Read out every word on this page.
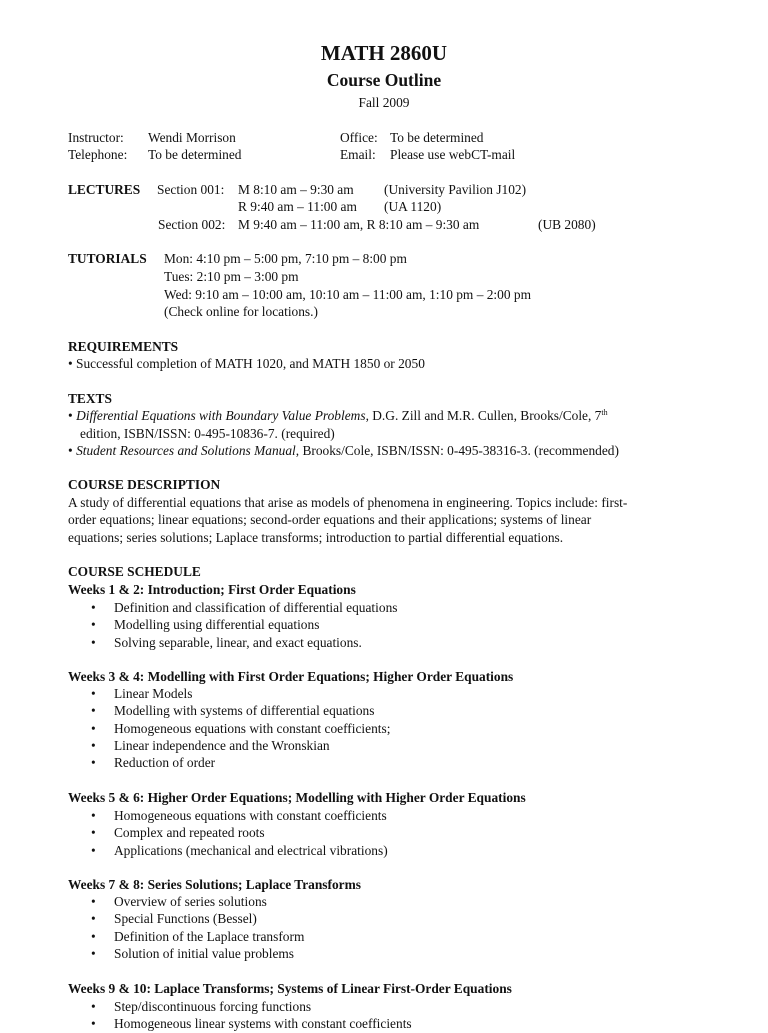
MATH 2860U
Course Outline
Fall 2009
Instructor: Wendi Morrison	Office: To be determined
Telephone: To be determined	Email: Please use webCT-mail
LECTURES Section 001: M 8:10 am – 9:30 am (University Pavilion J102)
R 9:40 am – 11:00 am (UA 1120)
Section 002: M 9:40 am – 11:00 am, R 8:10 am – 9:30 am	(UB 2080)
TUTORIALS Mon: 4:10 pm – 5:00 pm, 7:10 pm – 8:00 pm
Tues: 2:10 pm – 3:00 pm
Wed: 9:10 am – 10:00 am, 10:10 am – 11:00 am, 1:10 pm – 2:00 pm
(Check online for locations.)
REQUIREMENTS
• Successful completion of MATH 1020, and MATH 1850 or 2050
TEXTS
• Differential Equations with Boundary Value Problems, D.G. Zill and M.R. Cullen, Brooks/Cole, 7th
edition, ISBN/ISSN: 0-495-10836-7. (required)
• Student Resources and Solutions Manual, Brooks/Cole, ISBN/ISSN: 0-495-38316-3. (recommended)
COURSE DESCRIPTION
A study of differential equations that arise as models of phenomena in engineering. Topics include: first-
order equations; linear equations; second-order equations and their applications; systems of linear
equations; series solutions; Laplace transforms; introduction to partial differential equations.
COURSE SCHEDULE
Weeks 1 & 2: Introduction; First Order Equations
• Definition and classification of differential equations
• Modelling using differential equations
• Solving separable, linear, and exact equations.
Weeks 3 & 4: Modelling with First Order Equations; Higher Order Equations
• Linear Models
• Modelling with systems of differential equations
• Homogeneous equations with constant coefficients;
• Linear independence and the Wronskian
• Reduction of order
Weeks 5 & 6: Higher Order Equations; Modelling with Higher Order Equations
• Homogeneous equations with constant coefficients
• Complex and repeated roots
• Applications (mechanical and electrical vibrations)
Weeks 7 & 8: Series Solutions; Laplace Transforms
• Overview of series solutions
• Special Functions (Bessel)
• Definition of the Laplace transform
• Solution of initial value problems
Weeks 9 & 10: Laplace Transforms; Systems of Linear First-Order Equations
• Step/discontinuous forcing functions
• Homogeneous linear systems with constant coefficients
